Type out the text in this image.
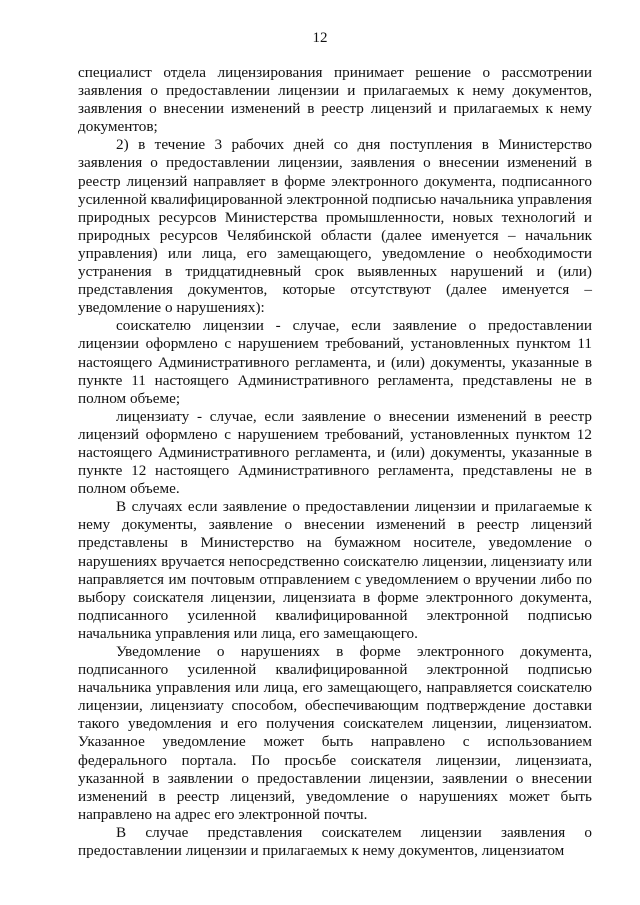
12

специалист отдела лицензирования принимает решение о рассмотрении заявления о предоставлении лицензии и прилагаемых к нему документов, заявления о внесении изменений в реестр лицензий и прилагаемых к нему документов;

2) в течение 3 рабочих дней со дня поступления в Министерство заявления о предоставлении лицензии, заявления о внесении изменений в реестр лицензий направляет в форме электронного документа, подписанного усиленной квалифицированной электронной подписью начальника управления природных ресурсов Министерства промышленности, новых технологий и природных ресурсов Челябинской области (далее именуется – начальник управления) или лица, его замещающего, уведомление о необходимости устранения в тридцатидневный срок выявленных нарушений и (или) представления документов, которые отсутствуют (далее именуется – уведомление о нарушениях):

соискателю лицензии - случае, если заявление о предоставлении лицензии оформлено с нарушением требований, установленных пунктом 11 настоящего Административного регламента, и (или) документы, указанные в пункте 11 настоящего Административного регламента, представлены не в полном объеме;

лицензиату - случае, если заявление о внесении изменений в реестр лицензий оформлено с нарушением требований, установленных пунктом 12 настоящего Административного регламента, и (или) документы, указанные в пункте 12 настоящего Административного регламента, представлены не в полном объеме.

В случаях если заявление о предоставлении лицензии и прилагаемые к нему документы, заявление о внесении изменений в реестр лицензий представлены в Министерство на бумажном носителе, уведомление о нарушениях вручается непосредственно соискателю лицензии, лицензиату или направляется им почтовым отправлением с уведомлением о вручении либо по выбору соискателя лицензии, лицензиата в форме электронного документа, подписанного усиленной квалифицированной электронной подписью начальника управления или лица, его замещающего.

Уведомление о нарушениях в форме электронного документа, подписанного усиленной квалифицированной электронной подписью начальника управления или лица, его замещающего, направляется соискателю лицензии, лицензиату способом, обеспечивающим подтверждение доставки такого уведомления и его получения соискателем лицензии, лицензиатом. Указанное уведомление может быть направлено с использованием федерального портала. По просьбе соискателя лицензии, лицензиата, указанной в заявлении о предоставлении лицензии, заявлении о внесении изменений в реестр лицензий, уведомление о нарушениях может быть направлено на адрес его электронной почты.

В случае представления соискателем лицензии заявления о предоставлении лицензии и прилагаемых к нему документов, лицензиатом
